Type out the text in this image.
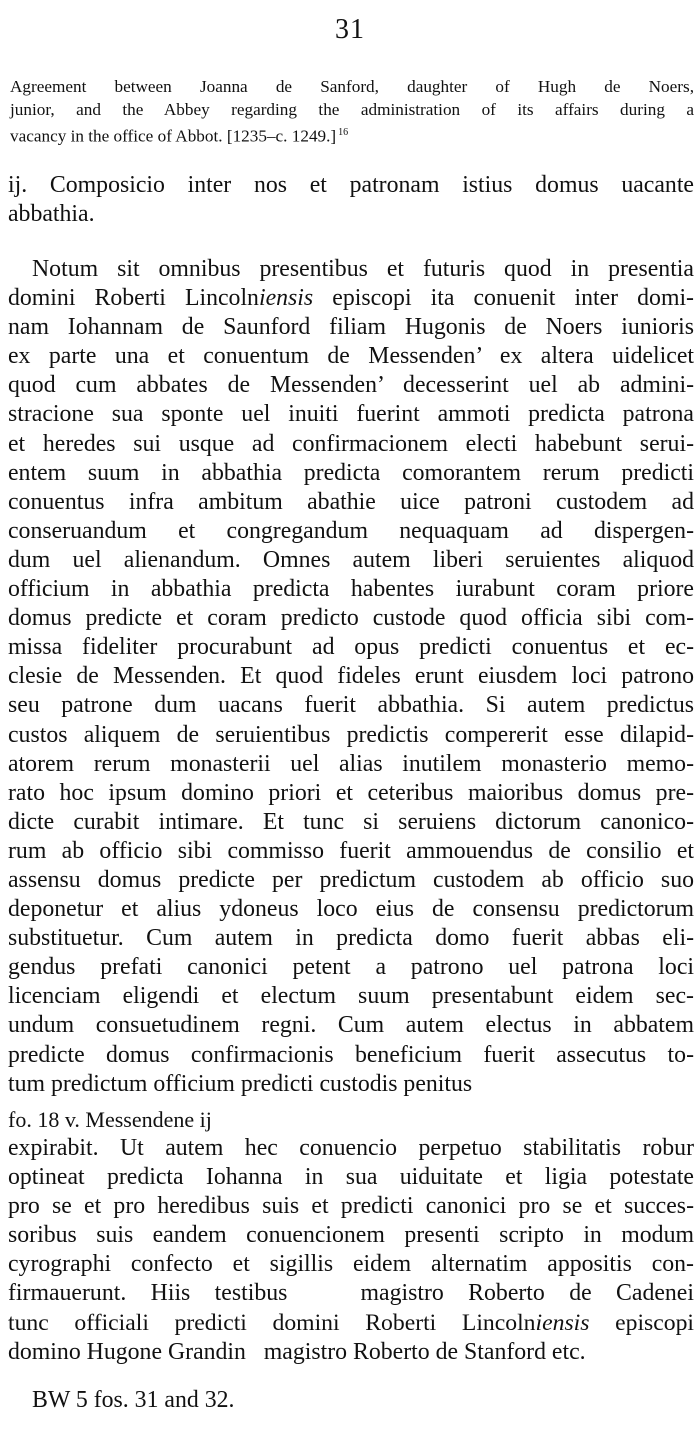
31
Agreement between Joanna de Sanford, daughter of Hugh de Noers,
junior, and the Abbey regarding the administration of its affairs during a
vacancy in the office of Abbot. [1235–c. 1249.] $^{16}$
ij. Composicio inter nos et patronam istius domus uacante
abbathia.
Notum sit omnibus presentibus et futuris quod in presentia
domini Roberti Lincolniensis episcopi ita conuenit inter domi-
nam Iohannam de Saunford filiam Hugonis de Noers iunioris
ex parte una et conuentum de Messenden’ ex altera uidelicet
quod cum abbates de Messenden’ decesserint uel ab admini-
stracione sua sponte uel inuiti fuerint ammoti predicta patrona
et heredes sui usque ad confirmacionem electi habebunt serui-
entem suum in abbathia predicta comorantem rerum predicti
conuentus infra ambitum abathie uice patroni custodem ad
conseruandum et congregandum nequaquam ad dispergen-
dum uel alienandum. Omnes autem liberi seruientes aliquod
officium in abbathia predicta habentes iurabunt coram priore
domus predicte et coram predicto custode quod officia sibi com-
missa fideliter procurabunt ad opus predicti conuentus et ec-
clesie de Messenden. Et quod fideles erunt eiusdem loci patrono
seu patrone dum uacans fuerit abbathia. Si autem predictus
custos aliquem de seruientibus predictis compererit esse dilapid-
atorem rerum monasterii uel alias inutilem monasterio memo-
rato hoc ipsum domino priori et ceteribus maioribus domus pre-
dicte curabit intimare. Et tunc si seruiens dictorum canonico-
rum ab officio sibi commisso fuerit ammouendus de consilio et
assensu domus predicte per predictum custodem ab officio suo
deponetur et alius ydoneus loco eius de consensu predictorum
substituetur. Cum autem in predicta domo fuerit abbas eli-
gendus prefati canonici petent a patrono uel patrona loci
licenciam eligendi et electum suum presentabunt eidem sec-
undum consuetudinem regni. Cum autem electus in abbatem
predicte domus confirmacionis beneficium fuerit assecutus to-
tum predictum officium predicti custodis penitus
fo. 18 v. Messendene ij
expirabit. Ut autem hec conuencio perpetuo stabilitatis robur
optineat predicta Iohanna in sua uiduitate et ligia potestate
pro se et pro heredibus suis et predicti canonici pro se et succes-
soribus suis eandem conuencionem presenti scripto in modum
cyrographi confecto et sigillis eidem alternatim appositis con-
firmauerunt. Hiis testibus   magistro Roberto de Cadenei
tunc officiali predicti domini Roberti Lincolniensis episcopi
domino Hugone Grandin   magistro Roberto de Stanford etc.
BW 5 fos. 31 and 32.
